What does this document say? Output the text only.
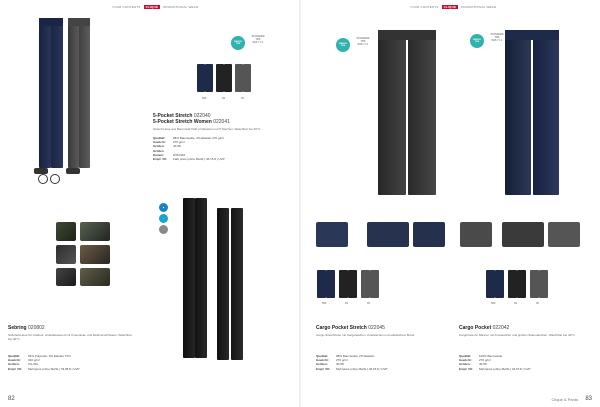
YOUR CONTENTS	CLIQUE	PROMOTIONAL WEAR
BENCH
TRS
STANDARD
TRS
WJS 7 1 1
580	99	95
5-Pocket Stretch 022040
5-Pocket Stretch Women 022041
Stretch-Hose aus Baumwoll-Twill mit Elastan und 5 Taschen. Waschbar bei 40°C.
Qualität:	98% Baumwolle, 2% Elastan 270 g/m²
Gewicht: 270 g/m²
Größen:	40-58
Größen Damen:	D36-D46
Empf. VK: Farb preis (ohne MwSt.) 46,15 € | UVP
◆
≈
○
Sebring 020802
Softshell-Hose für Outdoor, windabweisend mit Kniepolster und Reißverschlüssen. Waschbar bei 40°C.
Qualität:	94% Polyester, 6% Elastan TPU
Gewicht: 320 g/m²
Größen:	XS-3XL
Empf. VK: Mehrpreis (ohne MwSt.) 79,98 € | UVP
82
YOUR CONTENTS	CLIQUE	PROMOTIONAL WEAR
BENCH
TRS
STANDARD
TRS
WJS 7 1 1
BENCH
TRS
STANDARD
TRS
WJS 7 1 1
580	99	95	580	99	95
Cargo Pocket Stretch 022045
Cargo-Stretchhose mit Cargotaschen, Knietaschen und elastischem Bund.
Qualität:	98% Baumwolle, 2% Elastan
Gewicht: 270 g/m²
Größen:	40-58
Empf. VK: Mehrpreis (ohne MwSt.) 46,15 € | UVP
Cargo Pocket 022042
Cargohose für Männer mit Knietaschen und großen Seitentaschen, Waschbar bei 40°C.
Qualität:	100% Baumwolle
Gewicht: 270 g/m²
Größen:	40-58
Empf. VK: Mehrpreis (ohne MwSt.) 44,15 € | UVP
Clique & Pants 83
